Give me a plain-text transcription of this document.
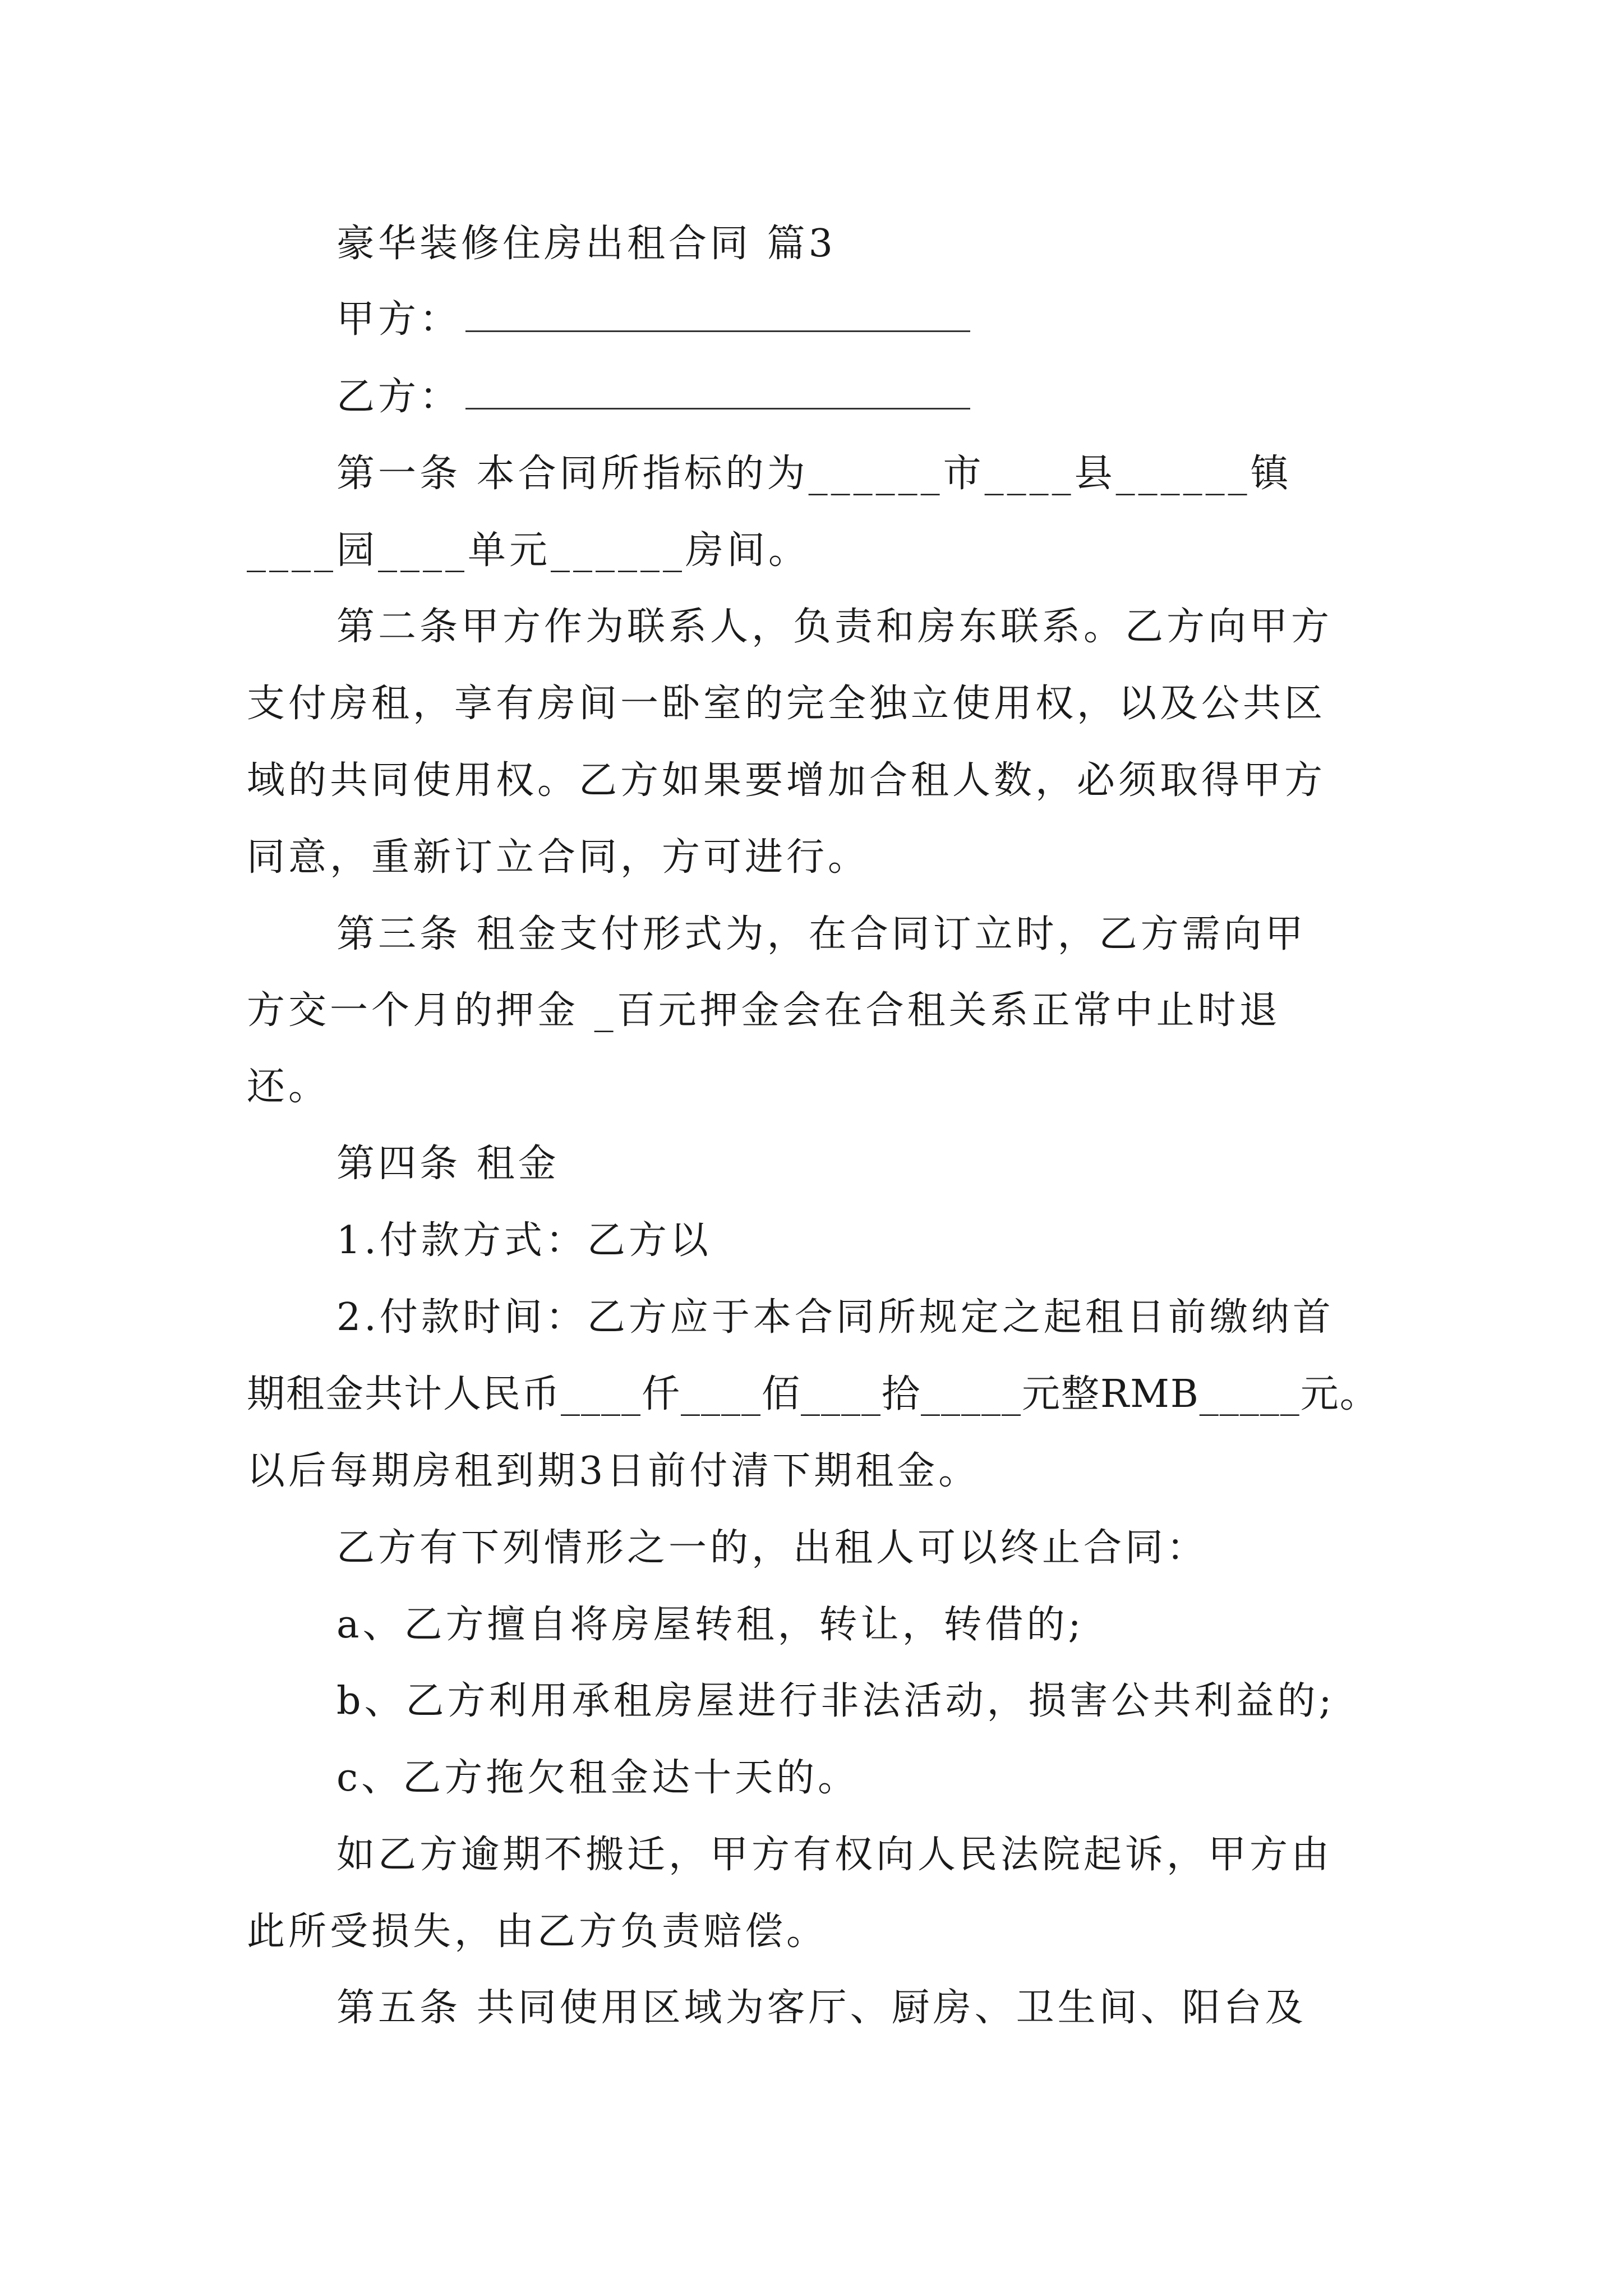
豪华装修住房出租合同 篇3
甲方：
乙方：
第一条 本合同所指标的为______市____县______镇
____园____单元______房间。
第二条甲方作为联系人，负责和房东联系。乙方向甲方
支付房租，享有房间一卧室的完全独立使用权，以及公共区
域的共同使用权。乙方如果要增加合租人数，必须取得甲方
同意，重新订立合同，方可进行。
第三条 租金支付形式为，在合同订立时，乙方需向甲
方交一个月的押金 _百元押金会在合租关系正常中止时退
还。
第四条 租金
1.付款方式：乙方以
2.付款时间：乙方应于本合同所规定之起租日前缴纳首
期租金共计人民币____仟____佰____拾_____元整RMB_____元。
以后每期房租到期3日前付清下期租金。
乙方有下列情形之一的，出租人可以终止合同：
a、乙方擅自将房屋转租，转让，转借的;
b、乙方利用承租房屋进行非法活动，损害公共利益的;
c、乙方拖欠租金达十天的。
如乙方逾期不搬迁，甲方有权向人民法院起诉，甲方由
此所受损失，由乙方负责赔偿。
第五条 共同使用区域为客厅、厨房、卫生间、阳台及
